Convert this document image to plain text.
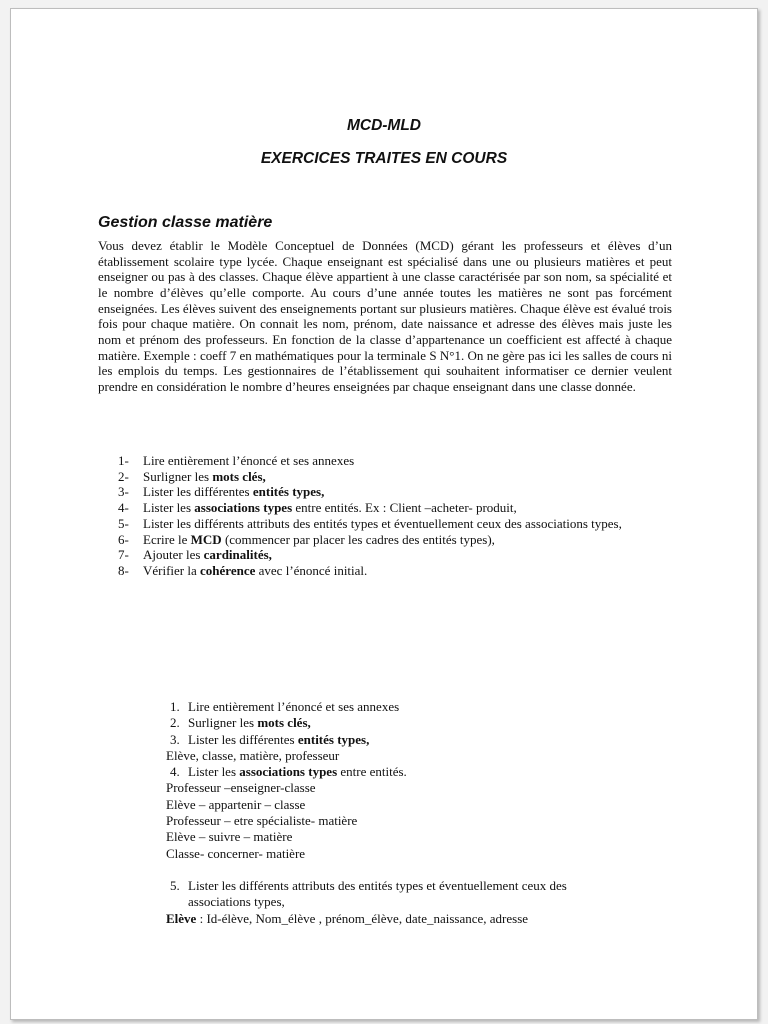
MCD-MLD
EXERCICES TRAITES EN COURS
Gestion classe matière

Vous devez établir le Modèle Conceptuel de Données (MCD) gérant les professeurs et élèves d’un établissement scolaire type lycée. Chaque enseignant est spécialisé dans une ou plusieurs matières et peut enseigner ou pas à des classes. Chaque élève appartient à une classe caractérisée par son nom, sa spécialité et le nombre d’élèves qu’elle comporte. Au cours d’une année toutes les matières ne sont pas forcément enseignées. Les élèves suivent des enseignements portant sur plusieurs matières. Chaque élève est évalué trois fois pour chaque matière. On connait les nom, prénom, date naissance et adresse des élèves mais juste les nom et prénom des professeurs. En fonction de la classe d’appartenance un coefficient est affecté à chaque matière. Exemple : coeff 7 en mathématiques pour la terminale S N°1. On ne gère pas ici les salles de cours ni les emplois du temps. Les gestionnaires de l’établissement qui souhaitent informatiser ce dernier veulent prendre en considération le nombre d’heures enseignées par chaque enseignant dans une classe donnée.

1-	Lire entièrement l’énoncé et ses annexes
2-	Surligner les mots clés,
3-	Lister les différentes entités types,
4-	Lister les associations types entre entités. Ex : Client –acheter- produit,
5-	Lister les différents attributs des entités types et éventuellement ceux des associations types,
6-	Ecrire le MCD (commencer par placer les cadres des entités types),
7-	Ajouter les cardinalités,
8-	Vérifier la cohérence avec l’énoncé initial.
1. Lire entièrement l’énoncé et ses annexes
2. Surligner les mots clés,
3. Lister les différentes entités types,
Elève, classe, matière, professeur
4. Lister les associations types entre entités.
Professeur –enseigner-classe
Elève – appartenir – classe
Professeur – etre spécialiste- matière
Elève – suivre – matière
Classe- concerner- matière
5. Lister les différents attributs des entités types et éventuellement ceux des
associations types,
Elève : Id-élève, Nom_élève , prénom_élève, date_naissance, adresse
